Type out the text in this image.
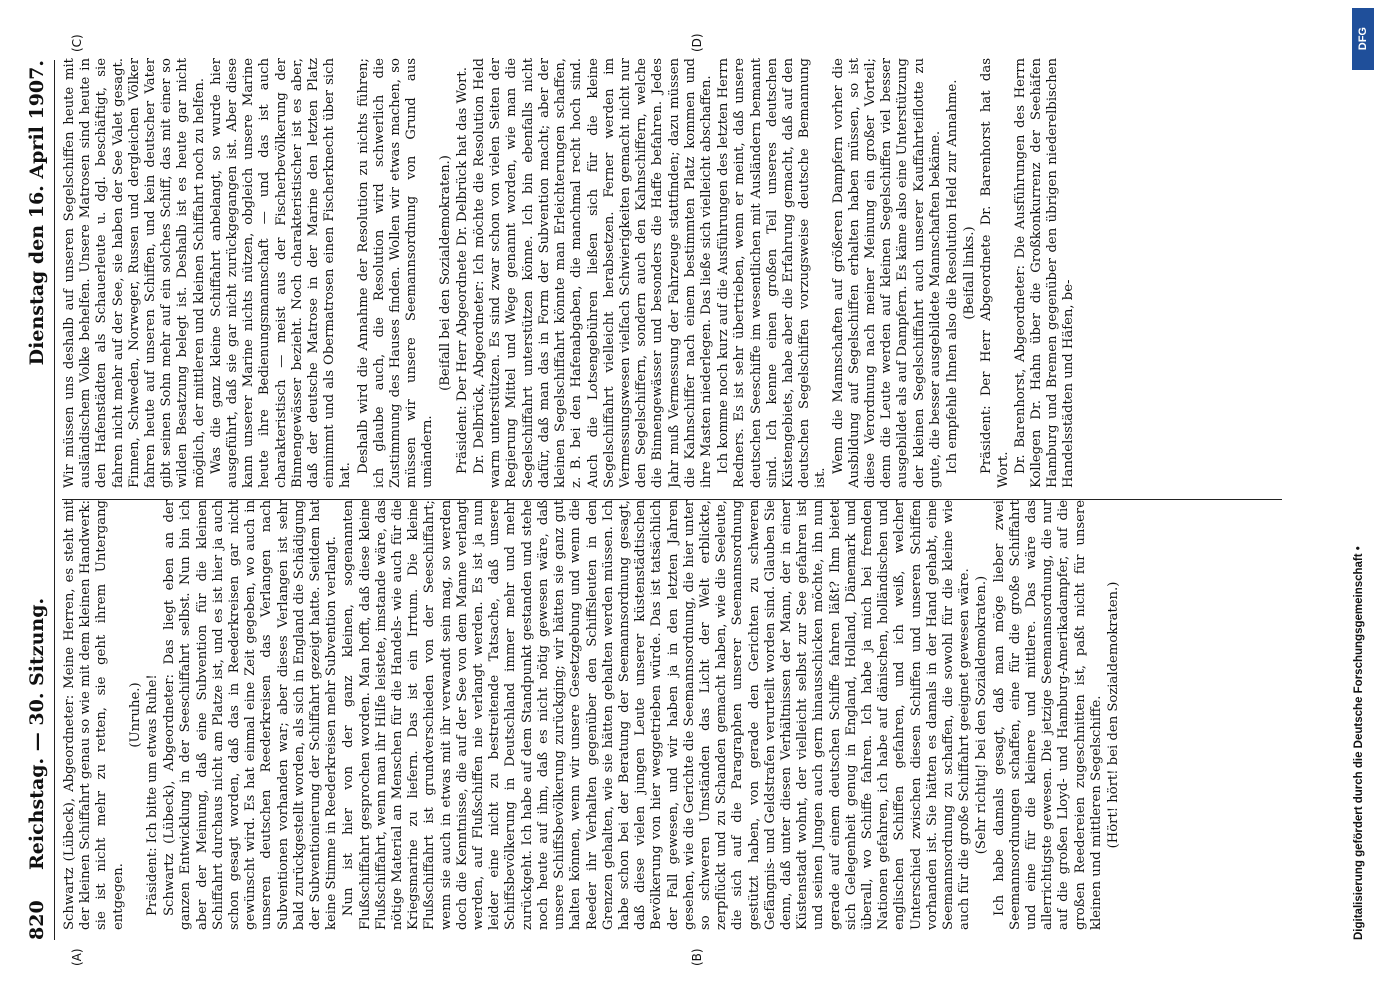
820
Reichstag. — 30. Sitzung.
Dienstag den 16. April 1907.
(A)	(B)
(C)	(D)

Schwartz (Lübeck), Abgeordneter: Meine Herren, es steht mit der kleinen Schiffahrt genau so wie mit dem kleinen Handwerk: sie ist nicht mehr zu retten, sie geht ihrem Untergang entgegen.

(Unruhe.) Präsident: Ich bitte um etwas Ruhe! Schwartz (Lübeck), Abgeordneter: Das liegt eben an der ganzen Entwicklung in der Seeschiffahrt selbst. Nun bin ich aber der Meinung, daß eine Subvention für die kleinen Schiffahrt durchaus nicht am Platze ist, und es ist hier ja auch schon gesagt worden, daß das in Reederkreisen gar nicht gewünscht wird. Es hat einmal eine Zeit gegeben, wo auch in unseren deutschen Reederkreisen das Verlangen nach Subventionen vorhanden war; aber dieses Verlangen ist sehr bald zurückgestellt worden, als sich in England die Schädigung der Subventionierung der Schiffahrt gezeigt hatte. Seitdem hat keine Stimme in Reederkreisen mehr Subvention verlangt. Nun ist hier von der ganz kleinen, sogenannten Flußschiffahrt gesprochen worden. Man hofft, daß diese kleine Flußschiffahrt, wenn man ihr Hilfe leistete, imstande wäre, das nötige Material an Menschen für die Handels- wie auch für die Kriegsmarine zu liefern. Das ist ein Irrtum. Die kleine Flußschiffahrt ist grundverschieden von der Seeschiffahrt; wenn sie auch in etwas mit ihr verwandt sein mag, so werden doch die Kenntnisse, die auf der See von dem Manne verlangt werden, auf Flußschiffen nie verlangt werden. Es ist ja nun leider eine nicht zu bestreitende Tatsache, daß unsere Schiffsbevölkerung in Deutschland immer mehr und mehr zurückgeht. Ich habe auf dem Standpunkt gestanden und stehe noch heute auf ihm, daß es nicht nötig gewesen wäre, daß unsere Schiffsbevölkerung zurückging; wir hätten sie ganz gut halten können, wenn wir unsere Gesetzgebung und wenn die Reeder ihr Verhalten gegenüber den Schiffsleuten in den Grenzen gehalten, wie sie hätten gehalten werden müssen. Ich habe schon bei der Beratung der Seemannsordnung gesagt, daß diese vielen jungen Leute unserer küstenstädtischen Bevölkerung von hier weggetrieben würde. Das ist tatsächlich der Fall gewesen, und wir haben ja in den letzten Jahren gesehen, wie die Gerichte die Seemannsordnung, die hier unter so schweren Umständen das Licht der Welt erblickte, zerpflückt und zu Schanden gemacht haben, wie die Seeleute, die sich auf die Paragraphen unserer Seemannsordnung gestützt haben, von gerade den Gerichten zu schweren Gefängnis- und Geldstrafen verurteilt worden sind. Glauben Sie denn, daß unter diesen Verhältnissen der Mann, der in einer Küstenstadt wohnt, der vielleicht selbst zur See gefahren ist und seinen Jungen auch gern hinausschicken möchte, ihn nun gerade auf einem deutschen Schiffe fahren läßt? Ihm bietet sich Gelegenheit genug in England, Holland, Dänemark und überall, wo Schiffe fahren. Ich habe ja mich bei fremden Nationen gefahren, ich habe auf dänischen, holländischen und englischen Schiffen gefahren, und ich weiß, welcher Unterschied zwischen diesen Schiffen und unseren Schiffen vorhanden ist. Sie hätten es damals in der Hand gehabt, eine Seemannsordnung zu schaffen, die sowohl für die kleine wie auch für die große Schiffahrt geeignet gewesen wäre. (Sehr richtig! bei den Sozialdemokraten.) Ich habe damals gesagt, daß man möge lieber zwei Seemannsordnungen schaffen, eine für die große Schiffahrt und eine für die kleinere und mittlere. Das wäre das allerrichtigste gewesen. Die jetzige Seemannsordnung, die nur auf die großen Lloyd- und Hamburg-Amerikadampfer, auf die großen Reedereien zugeschnitten ist, paßt nicht für unsere kleinen und mittleren Segelschiffe. (Hört! hört! bei den Sozialdemokraten.)

Wir müssen uns deshalb auf unseren Segelschiffen heute mit ausländischem Volke behelfen. Unsere Matrosen sind heute in den Hafenstädten als Schauerleute u. dgl. beschäftigt, sie fahren nicht mehr auf der See, sie haben der See Valet gesagt. Finnen, Schweden, Norweger, Russen und dergleichen Völker fahren heute auf unseren Schiffen, und kein deutscher Vater gibt seinen Sohn mehr auf ein solches Schiff, das mit einer so wilden Besatzung belegt ist. Deshalb ist es heute gar nicht möglich, der mittleren und kleinen Schiffahrt noch zu helfen. Was die ganz kleine Schiffahrt anbelangt, so wurde hier ausgeführt, daß sie gar nicht zurückgegangen ist. Aber diese kann unserer Marine nichts nützen, obgleich unsere Marine heute ihre Bedienungsmannschaft — und das ist auch charakteristisch — meist aus der Fischerbevölkerung der Binnengewässer bezieht. Noch charakteristischer ist es aber, daß der deutsche Matrose in der Marine den letzten Platz einnimmt und als Obermatrosen einen Fischerknecht über sich hat.

Deshalb wird die Annahme der Resolution zu nichts führen; ich glaube auch, die Resolution wird schwerlich die Zustimmung des Hauses finden. Wollen wir etwas machen, so müssen wir unsere Seemannsordnung von Grund aus umändern.

(Beifall bei den Sozialdemokraten.) Präsident: Der Herr Abgeordnete Dr. Delbrück hat das Wort. Dr. Delbrück, Abgeordneter: Ich möchte die Resolution Held warm unterstützen. Es sind zwar schon von vielen Seiten der Regierung Mittel und Wege genannt worden, wie man die Segelschiffahrt unterstützen könne. Ich bin ebenfalls nicht dafür, daß man das in Form der Subvention macht; aber der kleinen Segelschiffahrt könnte man Erleichterungen schaffen, z. B. bei den Hafenabgaben, die manchmal recht hoch sind. Auch die Lotsengebühren ließen sich für die kleine Segelschiffahrt vielleicht herabsetzen. Ferner werden im Vermessungswesen vielfach Schwierigkeiten gemacht nicht nur den Segelschiffern, sondern auch den Kahnschiffern, welche die Binnengewässer und besonders die Haffe befahren. Jedes Jahr muß Vermessung der Fahrzeuge stattfinden; dazu müssen die Kahnschiffer nach einem bestimmten Platz kommen und ihre Masten niederlegen. Das ließe sich vielleicht abschaffen. Ich komme noch kurz auf die Ausführungen des letzten Herrn Redners. Es ist sehr übertrieben, wenn er meint, daß unsere deutschen Seeschiffe im wesentlichen mit Ausländern bemannt sind. Ich kenne einen großen Teil unseres deutschen Küstengebiets, habe aber die Erfahrung gemacht, daß auf den deutschen Segelschiffen vorzugsweise deutsche Bemannung ist.

Wenn die Mannschaften auf größeren Dampfern vorher die Ausbildung auf Segelschiffen erhalten haben müssen, so ist diese Verordnung nach meiner Meinung ein großer Vorteil; denn die Leute werden auf kleinen Segelschiffen viel besser ausgebildet als auf Dampfern. Es käme also eine Unterstützung der kleinen Segelschiffahrt auch unserer Kauffahrteiflotte zu gute, die besser ausgebildete Mannschaften bekäme. Ich empfehle Ihnen also die Resolution Held zur Annahme. (Beifall links.) Präsident: Der Herr Abgeordnete Dr. Barenhorst hat das Wort. Dr. Barenhorst, Abgeordneter: Die Ausführungen des Herrn Kollegen Dr. Hahn über die Großkonkurrenz der Seehäfen Hamburg und Bremen gegenüber den übrigen niederelbischen Handelsstädten und Häfen, be-

DFG
Digitalisierung gefördert durch die Deutsche Forschungsgemeinschaft •
